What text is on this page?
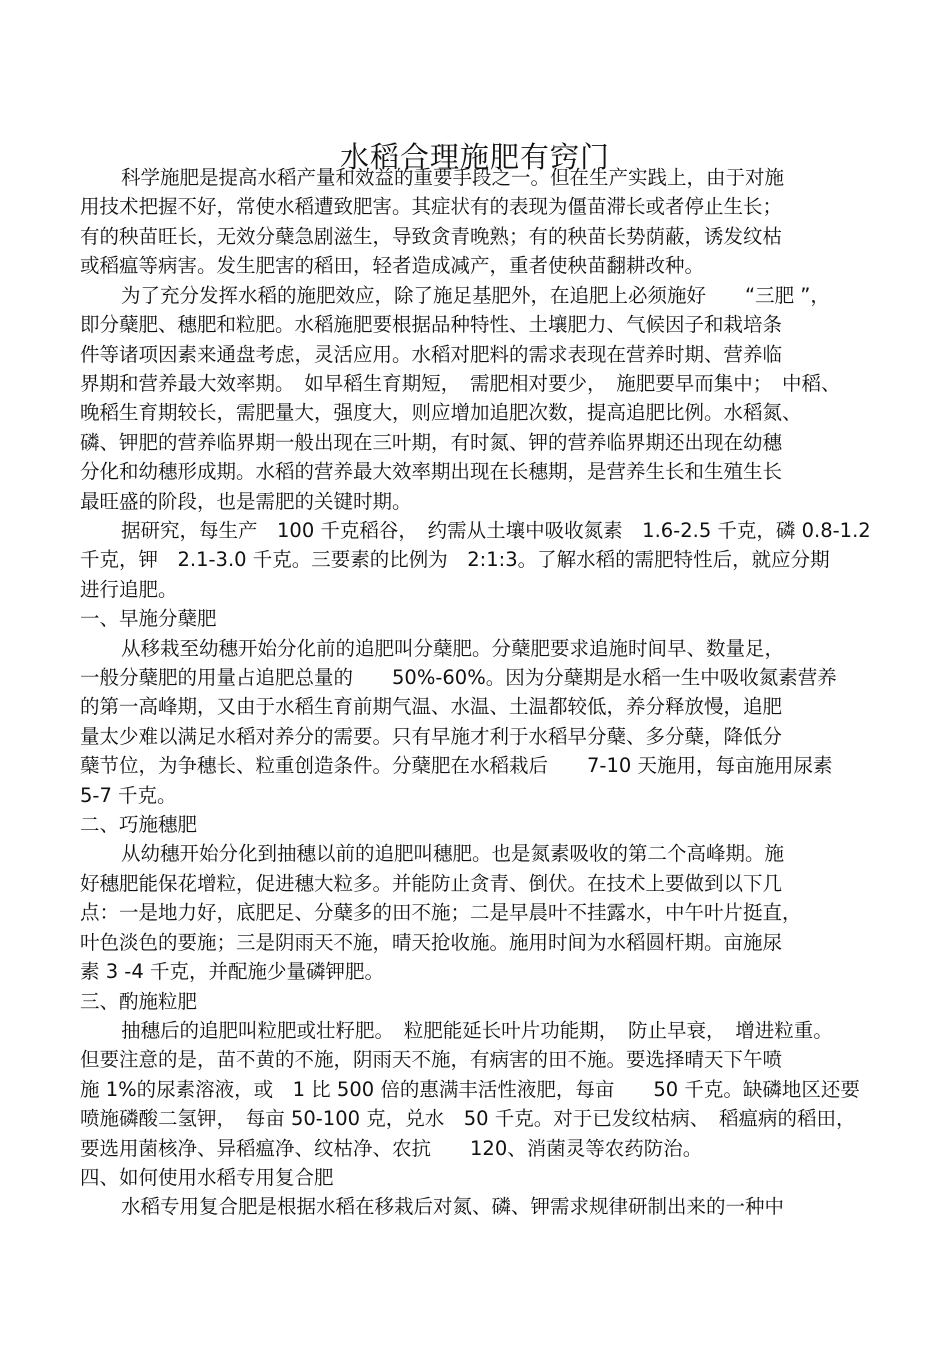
水稻合理施肥有窍门
科学施肥是提高水稻产量和效益的重要手段之一。但在生产实践上，由于对施
用技术把握不好，常使水稻遭致肥害。其症状有的表现为僵苗滞长或者停止生长；
有的秧苗旺长，无效分蘖急剧滋生，导致贪青晚熟；有的秧苗长势荫蔽，诱发纹枯
或稻瘟等病害。发生肥害的稻田，轻者造成减产，重者使秧苗翻耕改种。
为了充分发挥水稻的施肥效应，除了施足基肥外，在追肥上必须施好　　“三肥 ”，
即分蘖肥、穗肥和粒肥。水稻施肥要根据品种特性、土壤肥力、气候因子和栽培条
件等诸项因素来通盘考虑，灵活应用。水稻对肥料的需求表现在营养时期、营养临
界期和营养最大效率期。　如早稻生育期短，　需肥相对要少，　施肥要早而集中；　中稻、
晚稻生育期较长，需肥量大，强度大，则应增加追肥次数，提高追肥比例。水稻氮、
磷、钾肥的营养临界期一般出现在三叶期，有时氮、钾的营养临界期还出现在幼穗
分化和幼穗形成期。水稻的营养最大效率期出现在长穗期，是营养生长和生殖生长
最旺盛的阶段，也是需肥的关键时期。
据研究，每生产　100 千克稻谷，　约需从土壤中吸收氮素　1.6-2.5 千克，磷 0.8-1.2
千克，钾　2.1-3.0 千克。三要素的比例为　2:1:3。了解水稻的需肥特性后，就应分期
进行追肥。
一、早施分蘖肥
从移栽至幼穗开始分化前的追肥叫分蘖肥。分蘖肥要求追施时间早、数量足，
一般分蘖肥的用量占追肥总量的　　50%-60%。因为分蘖期是水稻一生中吸收氮素营养
的第一高峰期，又由于水稻生育前期气温、水温、土温都较低，养分释放慢，追肥
量太少难以满足水稻对养分的需要。只有早施才利于水稻早分蘖、多分蘖，降低分
蘖节位，为争穗长、粒重创造条件。分蘖肥在水稻栽后　　7-10 天施用，每亩施用尿素
5-7 千克。
二、巧施穗肥
从幼穗开始分化到抽穗以前的追肥叫穗肥。也是氮素吸收的第二个高峰期。施
好穗肥能保花增粒，促进穗大粒多。并能防止贪青、倒伏。在技术上要做到以下几
点：一是地力好，底肥足、分蘖多的田不施；二是早晨叶不挂露水，中午叶片挺直，
叶色淡色的要施；三是阴雨天不施，晴天抢收施。施用时间为水稻圆杆期。亩施尿
素 3 -4 千克，并配施少量磷钾肥。
三、酌施粒肥
抽穗后的追肥叫粒肥或壮籽肥。　粒肥能延长叶片功能期，　防止早衰，　增进粒重。
但要注意的是，苗不黄的不施，阴雨天不施，有病害的田不施。要选择晴天下午喷
施 1%的尿素溶液，或　1 比 500 倍的惠满丰活性液肥，每亩　　50 千克。缺磷地区还要
喷施磷酸二氢钾，　每亩 50-100 克，兑水　50 千克。对于已发纹枯病、　稻瘟病的稻田，
要选用菌核净、异稻瘟净、纹枯净、农抗　　120、消菌灵等农药防治。
四、如何使用水稻专用复合肥
水稻专用复合肥是根据水稻在移栽后对氮、磷、钾需求规律研制出来的一种中
